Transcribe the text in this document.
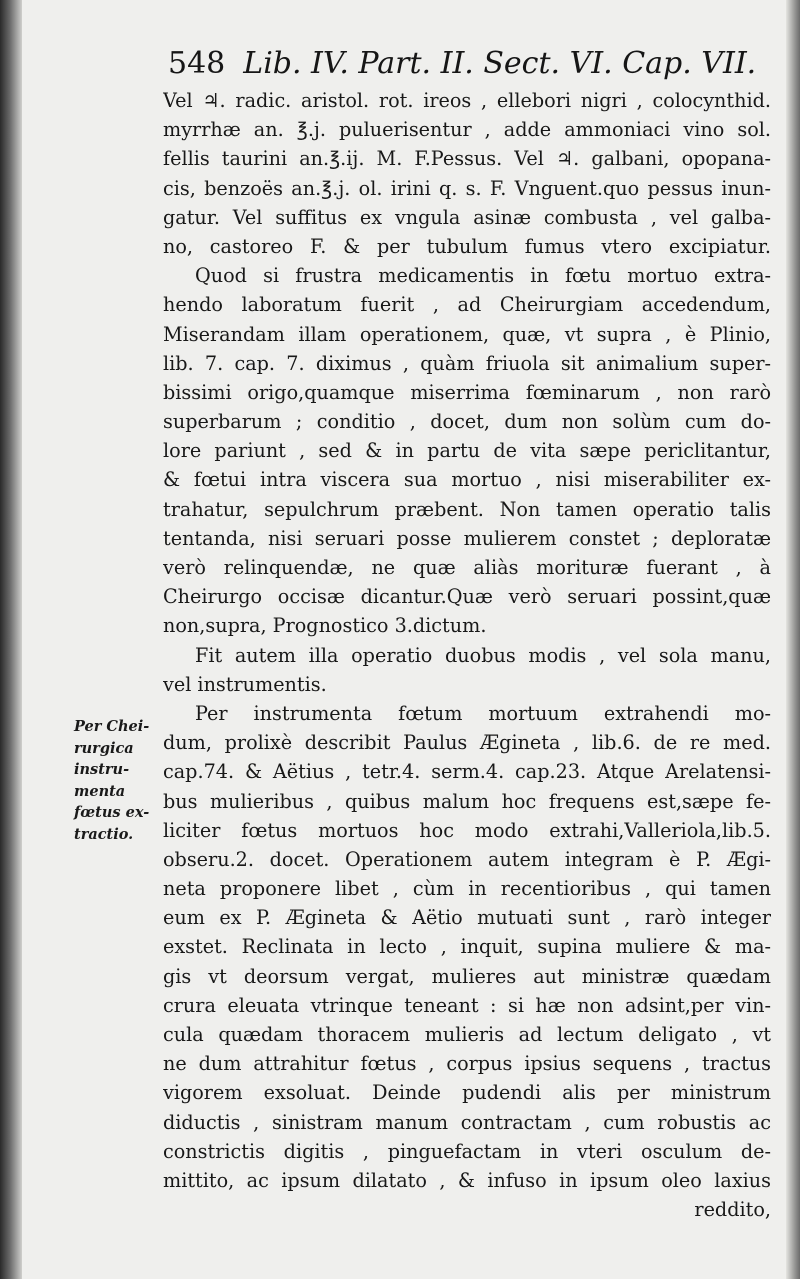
548 Lib. IV. Part. II. Sect. VI. Cap. VII.
Vel ♃. radic. aristol. rot. ireos , ellebori nigri , colocynthid.
myrrhæ an. ℥.j. puluerisentur , adde ammoniaci vino sol.
fellis taurini an.℥.ij. M. F.Pessus. Vel ♃. galbani, opopana-
cis, benzoës an.℥.j. ol. irini q. s. F. Vnguent.quo pessus inun-
gatur. Vel suffitus ex vngula asinæ combusta , vel galba-
no, castoreo F. & per tubulum fumus vtero excipiatur.
Quod si frustra medicamentis in fœtu mortuo extra-
hendo laboratum fuerit , ad Cheirurgiam accedendum,
Miserandam illam operationem, quæ, vt supra , è Plinio,
lib. 7. cap. 7. diximus , quàm friuola sit animalium super-
bissimi origo,quamque miserrima fœminarum , non rarò
superbarum ; conditio , docet, dum non solùm cum do-
lore pariunt , sed & in partu de vita sæpe periclitantur,
& fœtui intra viscera sua mortuo , nisi miserabiliter ex-
trahatur, sepulchrum præbent. Non tamen operatio talis
tentanda, nisi seruari posse mulierem constet ; deploratæ
verò relinquendæ, ne quæ aliàs morituræ fuerant , à
Cheirurgo occisæ dicantur.Quæ verò seruari possint,quæ
non,supra, Prognostico 3.dictum.
Fit autem illa operatio duobus modis , vel sola manu,
vel instrumentis.
Per instrumenta fœtum mortuum extrahendi mo-
dum, prolixè describit Paulus Ægineta , lib.6. de re med.
cap.74. & Aëtius , tetr.4. serm.4. cap.23. Atque Arelatensi-
bus mulieribus , quibus malum hoc frequens est,sæpe fe-
liciter fœtus mortuos hoc modo extrahi,Valleriola,lib.5.
obseru.2. docet. Operationem autem integram è P. Ægi-
neta proponere libet , cùm in recentioribus , qui tamen
eum ex P. Ægineta & Aëtio mutuati sunt , rarò integer
exstet. Reclinata in lecto , inquit, supina muliere & ma-
gis vt deorsum vergat, mulieres aut ministræ quædam
crura eleuata vtrinque teneant : si hæ non adsint,per vin-
cula quædam thoracem mulieris ad lectum deligato , vt
ne dum attrahitur fœtus , corpus ipsius sequens , tractus
vigorem exsoluat. Deinde pudendi alis per ministrum
diductis , sinistram manum contractam , cum robustis ac
constrictis digitis , pinguefactam in vteri osculum de-
mittito, ac ipsum dilatato , & infuso in ipsum oleo laxius
reddito,
Per Chei-
rurgica
instru-
menta
fœtus ex-
tractio.
